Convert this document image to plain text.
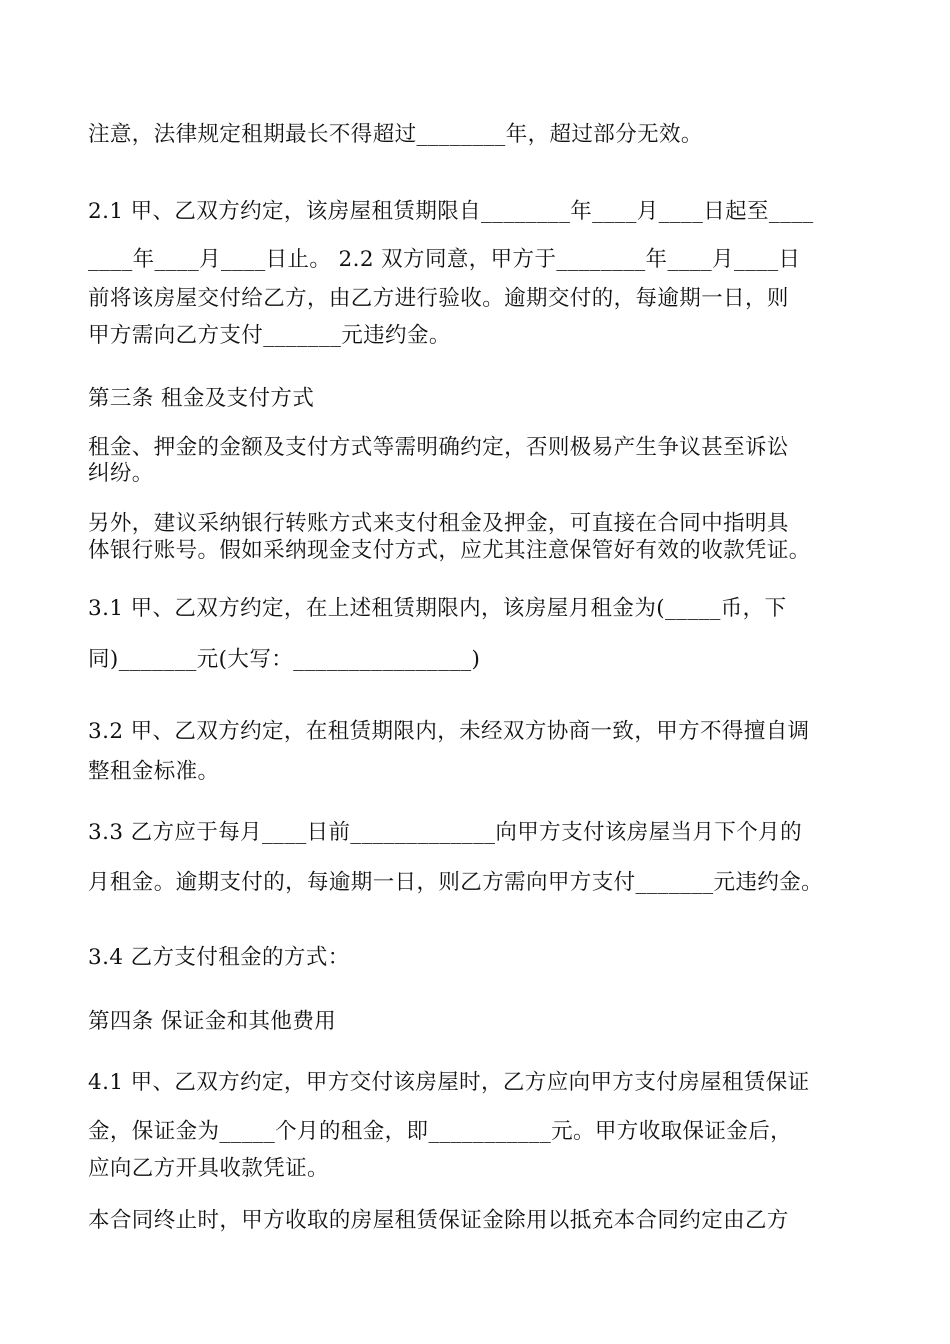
注意，法律规定租期最长不得超过________年，超过部分无效。
2.1 甲、乙双方约定，该房屋租赁期限自________年____月____日起至____
____年____月____日止。 2.2 双方同意，甲方于________年____月____日
前将该房屋交付给乙方，由乙方进行验收。逾期交付的，每逾期一日，则
甲方需向乙方支付_______元违约金。
第三条 租金及支付方式
租金、押金的金额及支付方式等需明确约定，否则极易产生争议甚至诉讼
纠纷。
另外，建议采纳银行转账方式来支付租金及押金，可直接在合同中指明具
体银行账号。假如采纳现金支付方式，应尤其注意保管好有效的收款凭证。
3.1 甲、乙双方约定，在上述租赁期限内，该房屋月租金为(_____币，下
同)_______元(大写：________________)
3.2 甲、乙双方约定，在租赁期限内，未经双方协商一致，甲方不得擅自调
整租金标准。
3.3 乙方应于每月____日前_____________向甲方支付该房屋当月下个月的
月租金。逾期支付的，每逾期一日，则乙方需向甲方支付_______元违约金。
3.4 乙方支付租金的方式：
第四条 保证金和其他费用
4.1 甲、乙双方约定，甲方交付该房屋时，乙方应向甲方支付房屋租赁保证
金，保证金为_____个月的租金，即___________元。甲方收取保证金后，
应向乙方开具收款凭证。
本合同终止时，甲方收取的房屋租赁保证金除用以抵充本合同约定由乙方
